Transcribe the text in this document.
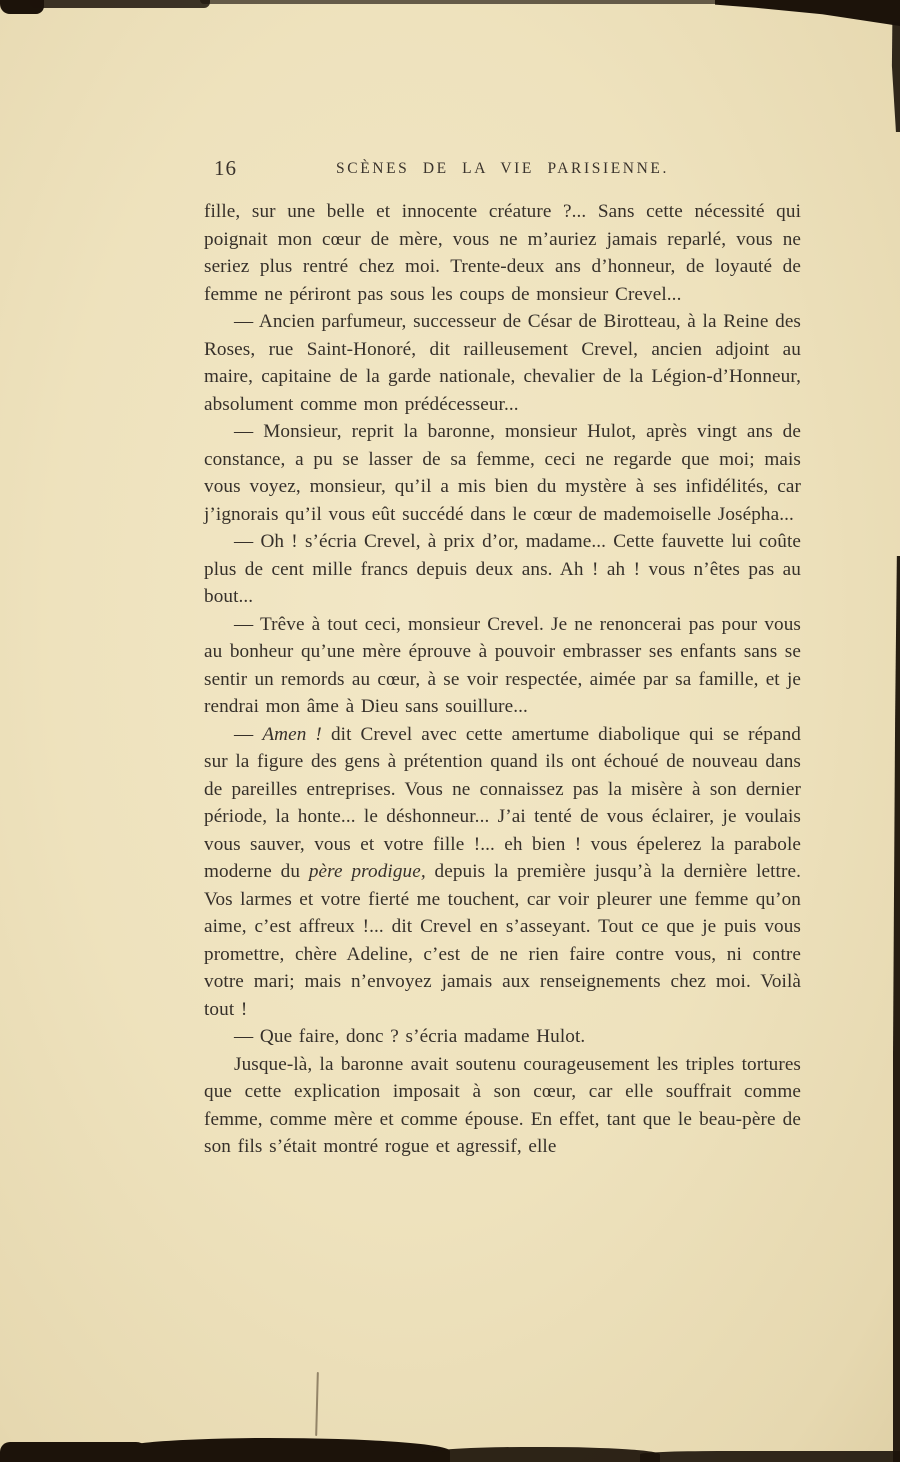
16	SCÈNES DE LA VIE PARISIENNE.

fille, sur une belle et innocente créature ?... Sans cette nécessité qui poignait mon cœur de mère, vous ne m’auriez jamais reparlé, vous ne seriez plus rentré chez moi. Trente-deux ans d’honneur, de loyauté de femme ne périront pas sous les coups de monsieur Crevel...

— Ancien parfumeur, successeur de César de Birotteau, à la Reine des Roses, rue Saint-Honoré, dit railleusement Crevel, ancien adjoint au maire, capitaine de la garde nationale, chevalier de la Légion-d’Honneur, absolument comme mon prédécesseur...

— Monsieur, reprit la baronne, monsieur Hulot, après vingt ans de constance, a pu se lasser de sa femme, ceci ne regarde que moi; mais vous voyez, monsieur, qu’il a mis bien du mystère à ses infidélités, car j’ignorais qu’il vous eût succédé dans le cœur de mademoiselle Josépha...

— Oh ! s’écria Crevel, à prix d’or, madame... Cette fauvette lui coûte plus de cent mille francs depuis deux ans. Ah ! ah ! vous n’êtes pas au bout...

— Trêve à tout ceci, monsieur Crevel. Je ne renoncerai pas pour vous au bonheur qu’une mère éprouve à pouvoir embrasser ses enfants sans se sentir un remords au cœur, à se voir respectée, aimée par sa famille, et je rendrai mon âme à Dieu sans souillure...

— Amen ! dit Crevel avec cette amertume diabolique qui se répand sur la figure des gens à prétention quand ils ont échoué de nouveau dans de pareilles entreprises. Vous ne connaissez pas la misère à son dernier période, la honte... le déshonneur... J’ai tenté de vous éclairer, je voulais vous sauver, vous et votre fille !... eh bien ! vous épelerez la parabole moderne du père prodigue, depuis la première jusqu’à la dernière lettre. Vos larmes et votre fierté me touchent, car voir pleurer une femme qu’on aime, c’est affreux !... dit Crevel en s’asseyant. Tout ce que je puis vous promettre, chère Adeline, c’est de ne rien faire contre vous, ni contre votre mari; mais n’envoyez jamais aux renseignements chez moi. Voilà tout !

— Que faire, donc ? s’écria madame Hulot.

Jusque-là, la baronne avait soutenu courageusement les triples tortures que cette explication imposait à son cœur, car elle souffrait comme femme, comme mère et comme épouse. En effet, tant que le beau-père de son fils s’était montré rogue et agressif, elle
